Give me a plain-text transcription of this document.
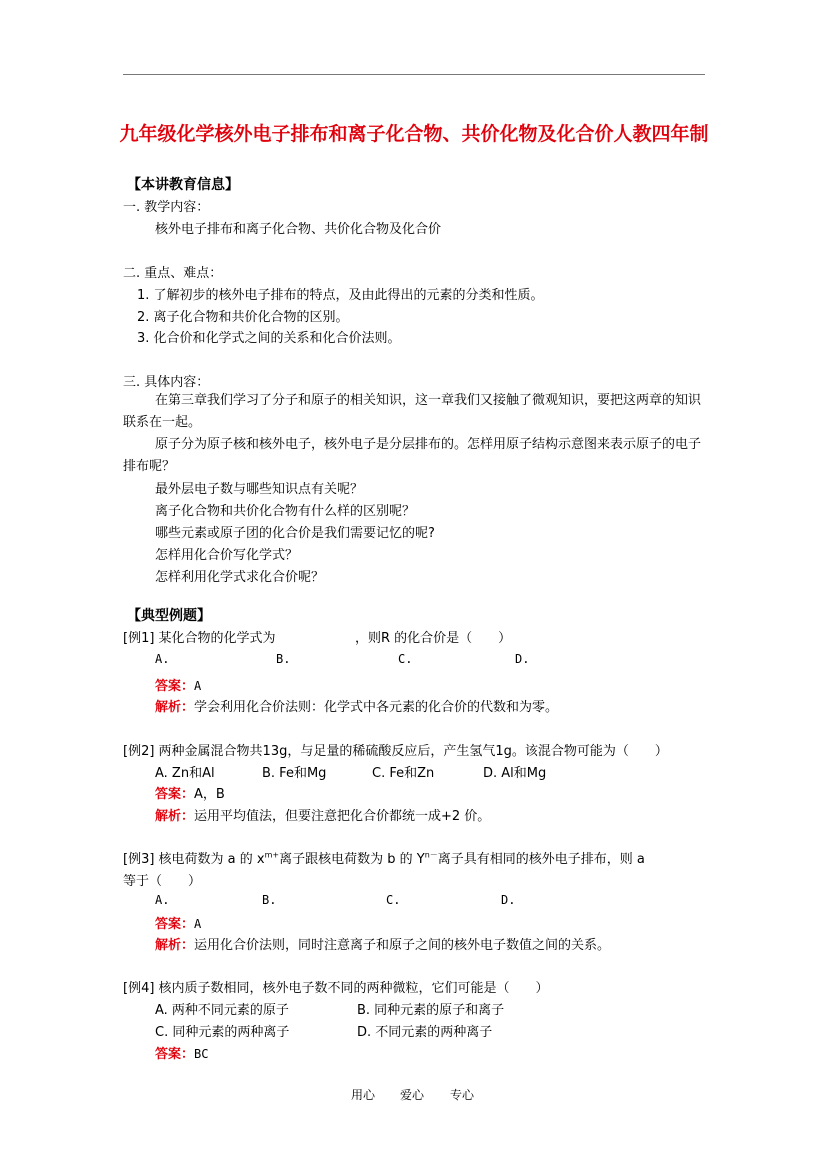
九年级化学核外电子排布和离子化合物、共价化物及化合价人教四年制
【本讲教育信息】
一. 教学内容：
核外电子排布和离子化合物、共价化合物及化合价
二. 重点、难点：
1. 了解初步的核外电子排布的特点，及由此得出的元素的分类和性质。
2. 离子化合物和共价化合物的区别。
3. 化合价和化学式之间的关系和化合价法则。
三. 具体内容：
在第三章我们学习了分子和原子的相关知识，这一章我们又接触了微观知识，要把这两章的知识联系在一起。
原子分为原子核和核外电子，核外电子是分层排布的。怎样用原子结构示意图来表示原子的电子排布呢？
最外层电子数与哪些知识点有关呢？
离子化合物和共价化合物有什么样的区别呢？
哪些元素或原子团的化合价是我们需要记忆的呢?
怎样用化合价写化学式？
怎样利用化学式求化合价呢？
【典型例题】
[例1] 某化合物的化学式为	，则R 的化合价是（　　）
A.	B.	C.	D.
答案：A
解析：学会利用化合价法则：化学式中各元素的化合价的代数和为零。
[例2] 两种金属混合物共13g，与足量的稀硫酸反应后，产生氢气1g。该混合物可能为（　　）
A. Zn和Al	B. Fe和Mg	C. Fe和Zn	D. Al和Mg
答案：A，B
解析：运用平均值法，但要注意把化合价都统一成+2 价。
[例3] 核电荷数为 a 的 $x^{m+}$离子跟核电荷数为 b 的 $Y^{n-}$离子具有相同的核外电子排布，则 a
等于（　　）
A.	B.	C.	D.
答案：A
解析：运用化合价法则，同时注意离子和原子之间的核外电子数值之间的关系。
[例4] 核内质子数相同，核外电子数不同的两种微粒，它们可能是（　　）
A. 两种不同元素的原子	B. 同种元素的原子和离子
C. 同种元素的两种离子	D. 不同元素的两种离子
答案：BC
用心 爱心 专心
